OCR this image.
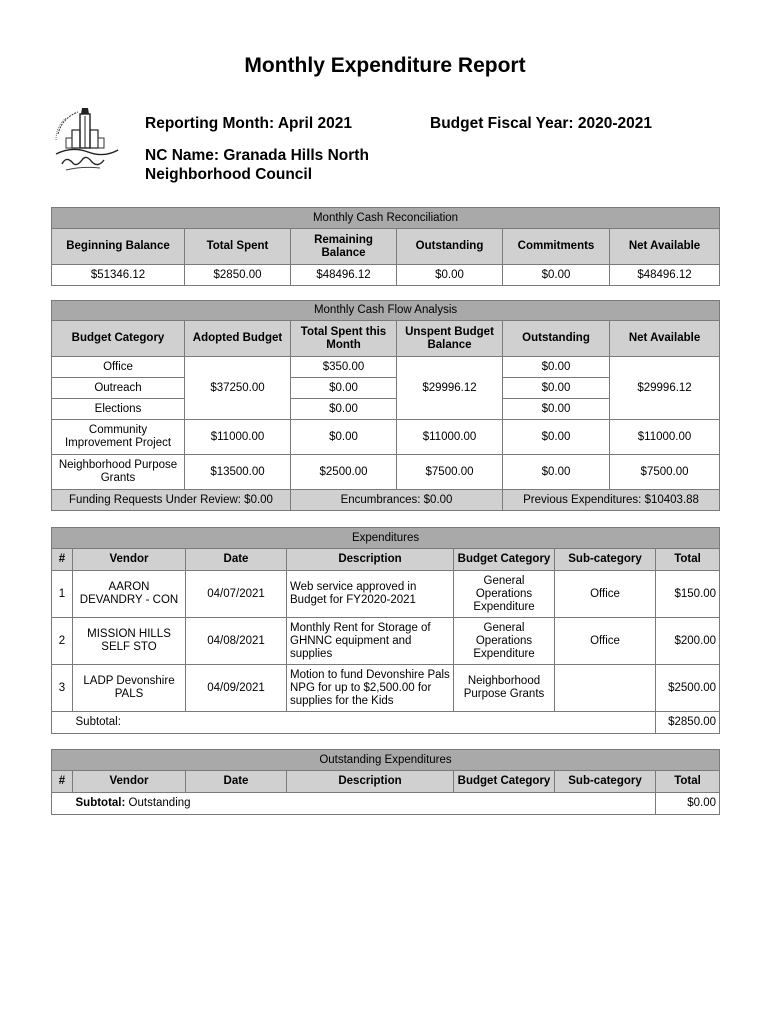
Monthly Expenditure Report
Reporting Month: April 2021	Budget Fiscal Year: 2020-2021
NC Name: Granada Hills North Neighborhood Council
Monthly Cash Reconciliation					
Beginning Balance	Total Spent	Remaining Balance	Outstanding	Commitments	Net Available
$51346.12	$2850.00	$48496.12	$0.00	$0.00	$48496.12
Monthly Cash Flow Analysis					
Budget Category	Adopted Budget	Total Spent this Month	Unspent Budget Balance	Outstanding	Net Available
Office	$37250.00	$350.00	$29996.12	$0.00	$29996.12
Outreach		$0.00		$0.00	
Elections		$0.00		$0.00	
Community Improvement Project	$11000.00	$0.00	$11000.00	$0.00	$11000.00
Neighborhood Purpose Grants	$13500.00	$2500.00	$7500.00	$0.00	$7500.00
Funding Requests Under Review: $0.00		Encumbrances: $0.00		Previous Expenditures: $10403.88	
Expenditures						
#	Vendor	Date	Description	Budget Category	Sub-category	Total
1	AARON DEVANDRY - CON	04/07/2021	Web service approved in Budget for FY2020-2021	General Operations Expenditure	Office	$150.00
2	MISSION HILLS SELF STO	04/08/2021	Monthly Rent for Storage of GHNNC equipment and supplies	General Operations Expenditure	Office	$200.00
3	LADP Devonshire PALS	04/09/2021	Motion to fund Devonshire Pals NPG for up to $2,500.00 for supplies for the Kids	Neighborhood Purpose Grants		$2500.00
	Subtotal:					$2850.00
Outstanding Expenditures						
#	Vendor	Date	Description	Budget Category	Sub-category	Total
	Subtotal: Outstanding					$0.00
